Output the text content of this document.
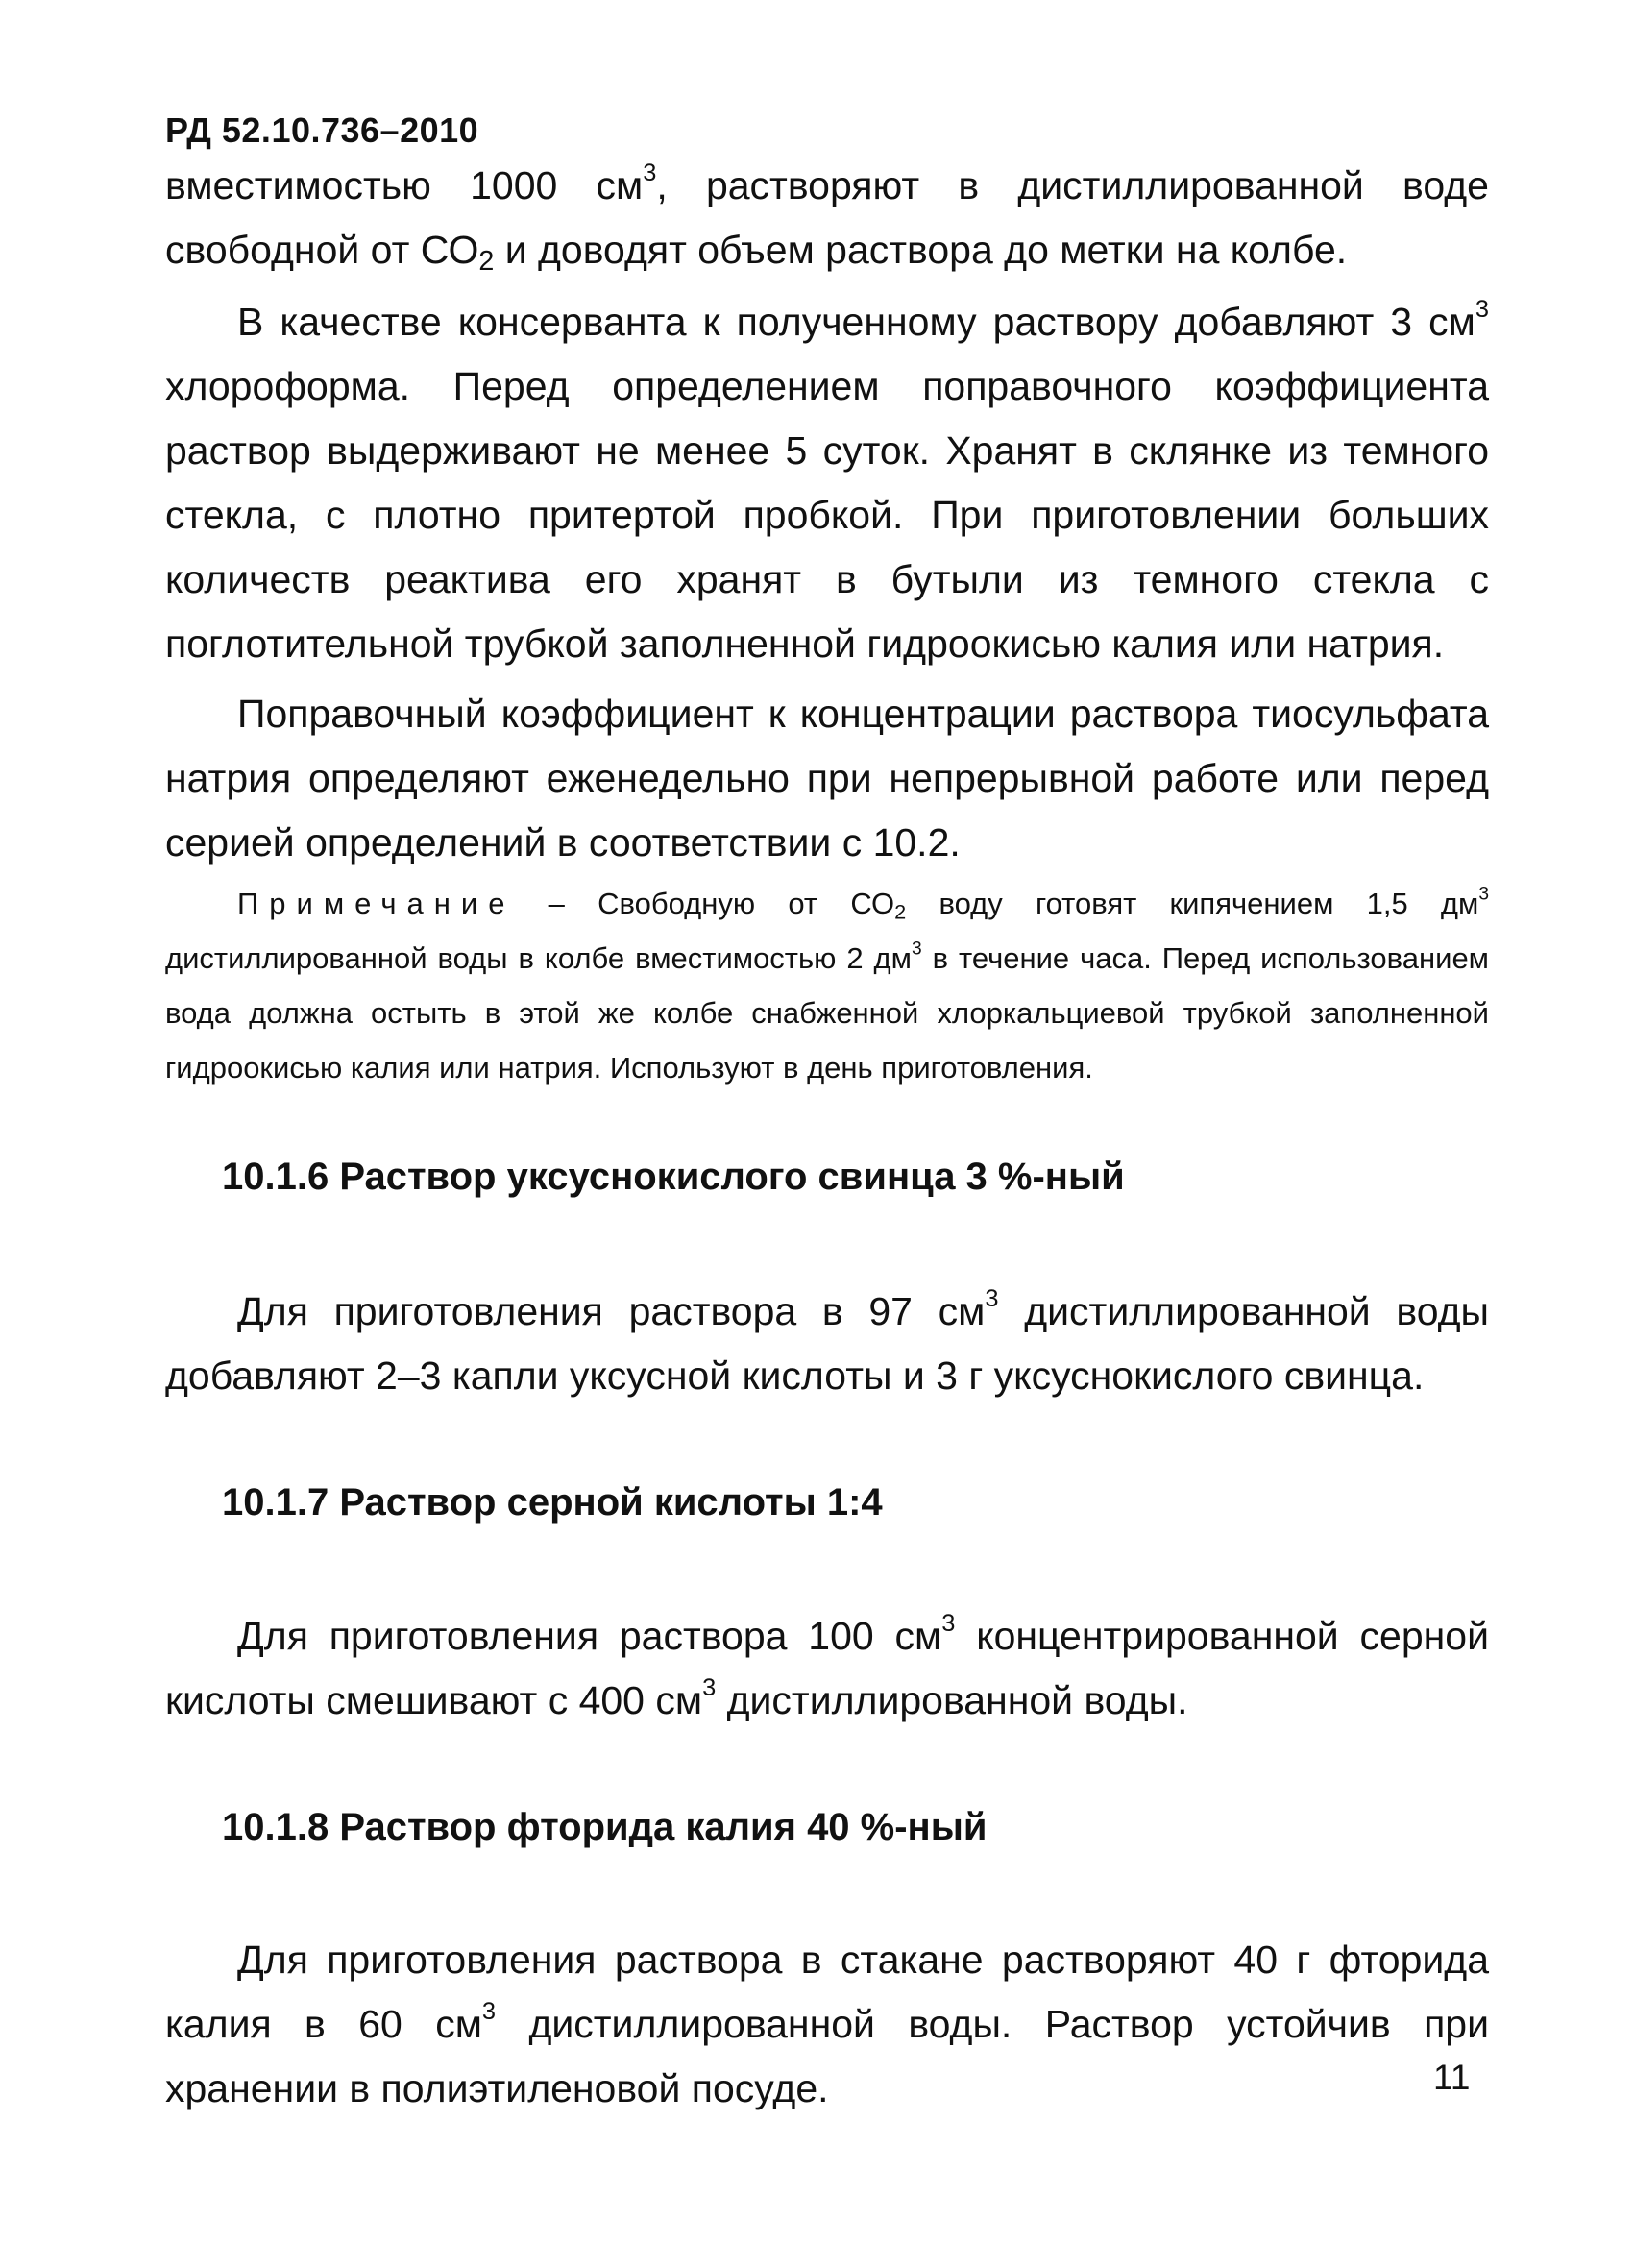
РД 52.10.736–2010

вместимостью 1000 $см^3$, растворяют в дистиллированной воде свободной от $СО_2$ и доводят объем раствора до метки на колбе.

В качестве консерванта к полученному раствору добавляют 3 $см^3$ хлороформа. Перед определением поправочного коэффициента раствор выдерживают не менее 5 суток. Хранят в склянке из темного стекла, с плотно притертой пробкой. При приготовлении больших количеств реактива его хранят в бутыли из темного стекла с поглотительной трубкой заполненной гидроокисью калия или натрия.

Поправочный коэффициент к концентрации раствора тиосульфата натрия определяют еженедельно при непрерывной работе или перед серией определений в соответствии с 10.2.

Примечание – Свободную от $СО_2$ воду готовят кипячением 1,5 $дм^3$ дистиллированной воды в колбе вместимостью 2 $дм^3$ в течение часа. Перед использованием вода должна остыть в этой же колбе снабженной хлоркальциевой трубкой заполненной гидроокисью калия или натрия. Используют в день приготовления.

10.1.6 Раствор уксуснокислого свинца 3 %-ный

Для приготовления раствора в 97 $см^3$ дистиллированной воды добавляют 2–3 капли уксусной кислоты и 3 г уксуснокислого свинца.

10.1.7 Раствор серной кислоты 1:4

Для приготовления раствора 100 $см^3$ концентрированной серной кислоты смешивают с 400 $см^3$ дистиллированной воды.

10.1.8 Раствор фторида калия 40 %-ный

Для приготовления раствора в стакане растворяют 40 г фторида калия в 60 $см^3$ дистиллированной воды. Раствор устойчив при хранении в полиэтиленовой посуде.	11
